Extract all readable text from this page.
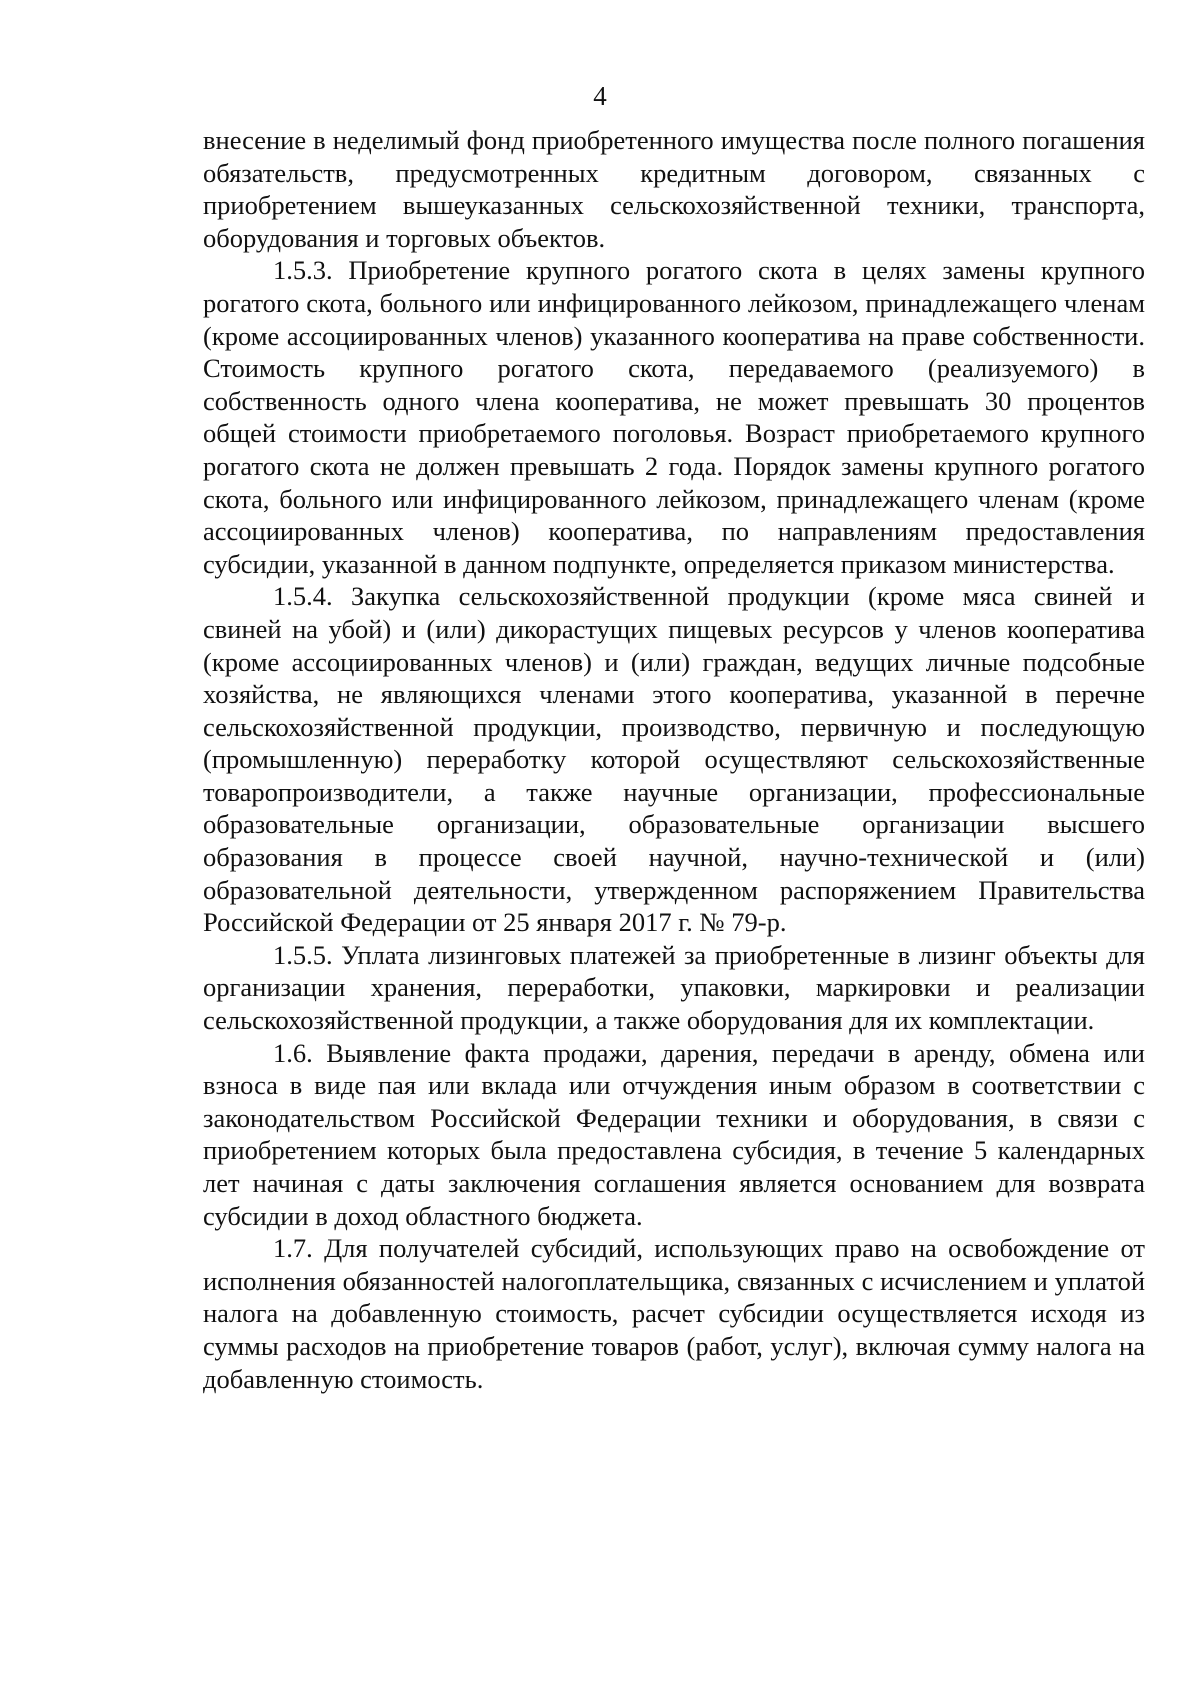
4

внесение в неделимый фонд приобретенного имущества после полного погашения обязательств, предусмотренных кредитным договором, связанных с приобретением вышеуказанных сельскохозяйственной техники, транспорта, оборудования и торговых объектов.

1.5.3. Приобретение крупного рогатого скота в целях замены крупного рогатого скота, больного или инфицированного лейкозом, принадлежащего членам (кроме ассоциированных членов) указанного кооператива на праве собственности. Стоимость крупного рогатого скота, передаваемого (реализуемого) в собственность одного члена кооператива, не может превышать 30 процентов общей стоимости приобретаемого поголовья. Возраст приобретаемого крупного рогатого скота не должен превышать 2 года. Порядок замены крупного рогатого скота, больного или инфицированного лейкозом, принадлежащего членам (кроме ассоциированных членов) кооператива, по направлениям предоставления субсидии, указанной в данном подпункте, определяется приказом министерства.

1.5.4. Закупка сельскохозяйственной продукции (кроме мяса свиней и свиней на убой) и (или) дикорастущих пищевых ресурсов у членов кооператива (кроме ассоциированных членов) и (или) граждан, ведущих личные подсобные хозяйства, не являющихся членами этого кооператива, указанной в перечне сельскохозяйственной продукции, производство, первичную и последующую (промышленную) переработку которой осуществляют сельскохозяйственные товаропроизводители, а также научные организации, профессиональные образовательные организации, образовательные организации высшего образования в процессе своей научной, научно-технической и (или) образовательной деятельности, утвержденном распоряжением Правительства Российской Федерации от 25 января 2017 г. № 79-р.

1.5.5. Уплата лизинговых платежей за приобретенные в лизинг объекты для организации хранения, переработки, упаковки, маркировки и реализации сельскохозяйственной продукции, а также оборудования для их комплектации.

1.6. Выявление факта продажи, дарения, передачи в аренду, обмена или взноса в виде пая или вклада или отчуждения иным образом в соответствии с законодательством Российской Федерации техники и оборудования, в связи с приобретением которых была предоставлена субсидия, в течение 5 календарных лет начиная с даты заключения соглашения является основанием для возврата субсидии в доход областного бюджета.

1.7. Для получателей субсидий, использующих право на освобождение от исполнения обязанностей налогоплательщика, связанных с исчислением и уплатой налога на добавленную стоимость, расчет субсидии осуществляется исходя из суммы расходов на приобретение товаров (работ, услуг), включая сумму налога на добавленную стоимость.
